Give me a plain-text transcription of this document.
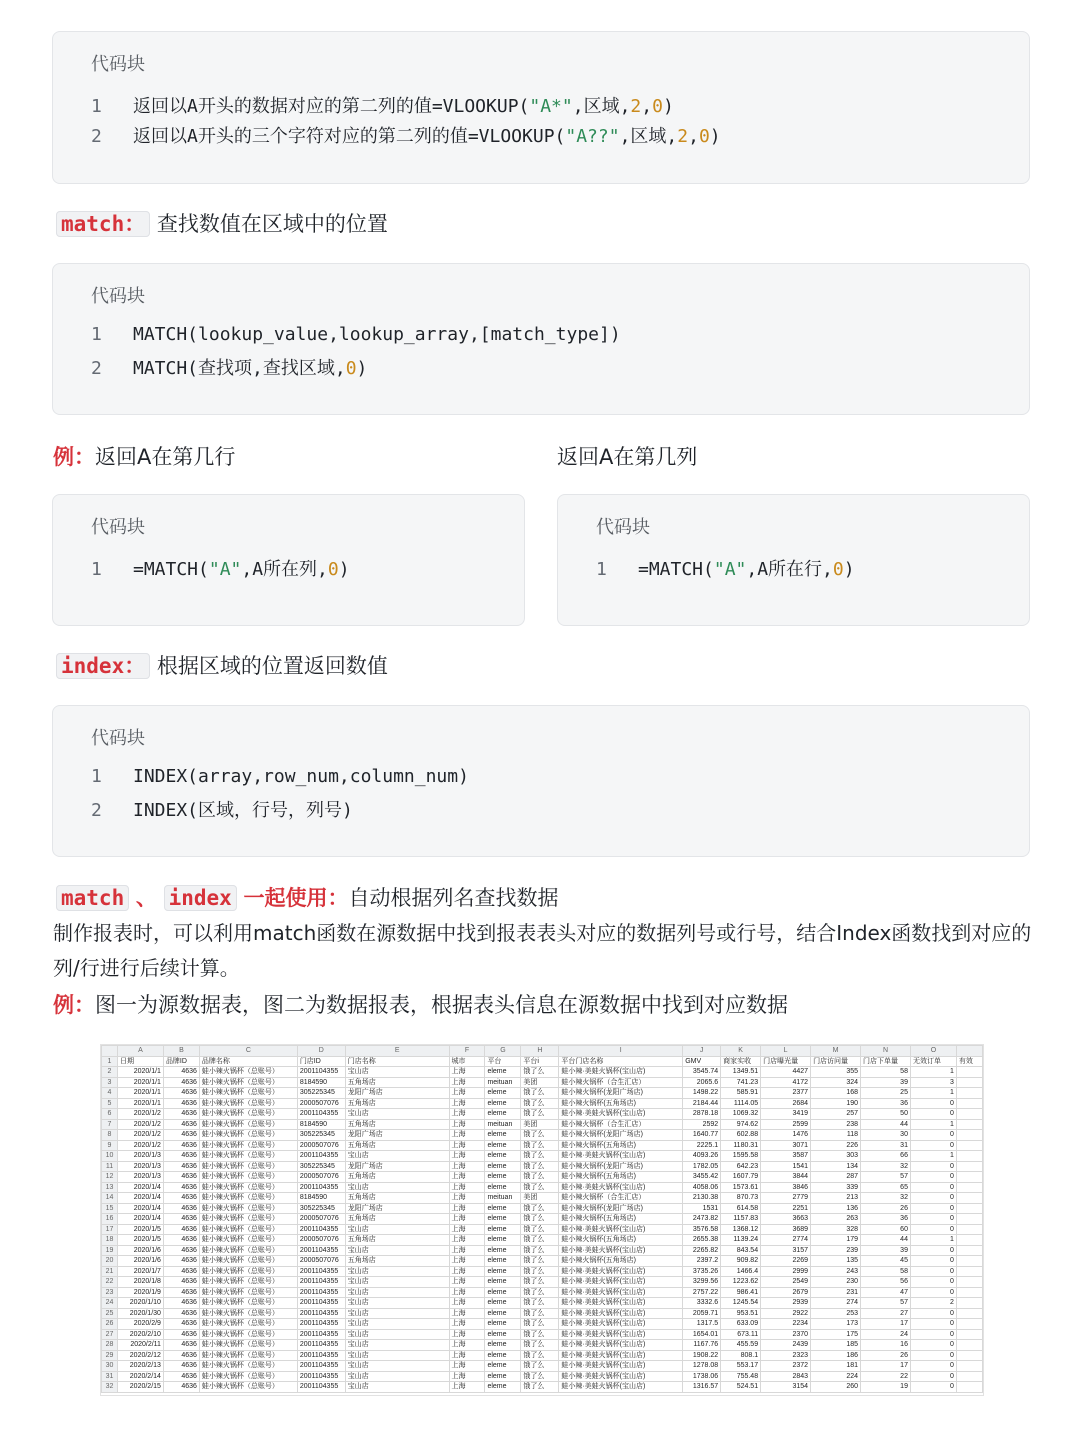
代码块
1 返回以A开头的数据对应的第二列的值=VLOOKUP("A*",区域,2,0)
2 返回以A开头的三个字符对应的第二列的值=VLOOKUP("A??",区域,2,0)
match： 查找数值在区域中的位置
代码块
1 MATCH(lookup_value,lookup_array,[match_type])
2 MATCH(查找项,查找区域,0)
例：返回A在第几行	返回A在第几列
代码块
1 =MATCH("A",A所在列,0)
代码块
1 =MATCH("A",A所在行,0)
index： 根据区域的位置返回数值
代码块
1 INDEX(array,row_num,column_num)
2 INDEX(区域，行号，列号)
match 、 index 一起使用：自动根据列名查找数据
制作报表时，可以利用match函数在源数据中找到报表表头对应的数据列号或行号，结合Index函数找到对应的列/行进行后续计算。
例：图一为源数据表，图二为数据报表，根据表头信息在源数据中找到对应数据
	A	B	C	D	E	F	G	H	I	J	K	L	M	N	O	
1	日期	品牌ID	品牌名称	门店ID	门店名称	城市	平台	平台i	平台门店名称	GMV	商家实收	门店曝光量	门店访问量	门店下单量	无效订单	有效
2	2020/1/1	4636	蛙小辣火锅杯（总账号）	2001104355	宝山店	上海	eleme	饿了么	蛙小辣·美蛙火锅杯(宝山店)	3545.74	1349.51	4427	355	58	1	
3	2020/1/1	4636	蛙小辣火锅杯（总账号）	8184590	五角场店	上海	meituan	美团	蛙小辣火锅杯（合生汇店）	2065.6	741.23	4172	324	39	3	
4	2020/1/1	4636	蛙小辣火锅杯（总账号）	305225345	龙阳广场店	上海	eleme	饿了么	蛙小辣火锅杯(龙阳广场店)	1498.22	585.91	2377	168	25	1	
5	2020/1/1	4636	蛙小辣火锅杯（总账号）	2000507076	五角场店	上海	eleme	饿了么	蛙小辣火锅杯(五角场店)	2184.44	1114.05	2684	190	36	0	
6	2020/1/2	4636	蛙小辣火锅杯（总账号）	2001104355	宝山店	上海	eleme	饿了么	蛙小辣·美蛙火锅杯(宝山店)	2878.18	1069.32	3419	257	50	0	
7	2020/1/2	4636	蛙小辣火锅杯（总账号）	8184590	五角场店	上海	meituan	美团	蛙小辣火锅杯（合生汇店）	2592	974.62	2599	238	44	1	
8	2020/1/2	4636	蛙小辣火锅杯（总账号）	305225345	龙阳广场店	上海	eleme	饿了么	蛙小辣火锅杯(龙阳广场店)	1640.77	602.88	1476	118	30	0	
9	2020/1/2	4636	蛙小辣火锅杯（总账号）	2000507076	五角场店	上海	eleme	饿了么	蛙小辣火锅杯(五角场店)	2225.1	1180.31	3071	226	31	0	
10	2020/1/3	4636	蛙小辣火锅杯（总账号）	2001104355	宝山店	上海	eleme	饿了么	蛙小辣·美蛙火锅杯(宝山店)	4093.26	1595.58	3587	303	66	1	
11	2020/1/3	4636	蛙小辣火锅杯（总账号）	305225345	龙阳广场店	上海	eleme	饿了么	蛙小辣火锅杯(龙阳广场店)	1782.05	642.23	1541	134	32	0	
12	2020/1/3	4636	蛙小辣火锅杯（总账号）	2000507076	五角场店	上海	eleme	饿了么	蛙小辣火锅杯(五角场店)	3455.42	1607.79	3844	287	57	0	
13	2020/1/4	4636	蛙小辣火锅杯（总账号）	2001104355	宝山店	上海	eleme	饿了么	蛙小辣·美蛙火锅杯(宝山店)	4058.06	1573.61	3846	339	65	0	
14	2020/1/4	4636	蛙小辣火锅杯（总账号）	8184590	五角场店	上海	meituan	美团	蛙小辣火锅杯（合生汇店）	2130.38	870.73	2779	213	32	0	
15	2020/1/4	4636	蛙小辣火锅杯（总账号）	305225345	龙阳广场店	上海	eleme	饿了么	蛙小辣火锅杯(龙阳广场店)	1531	614.58	2251	136	26	0	
16	2020/1/4	4636	蛙小辣火锅杯（总账号）	2000507076	五角场店	上海	eleme	饿了么	蛙小辣火锅杯(五角场店)	2473.82	1157.83	3663	263	36	0	
17	2020/1/5	4636	蛙小辣火锅杯（总账号）	2001104355	宝山店	上海	eleme	饿了么	蛙小辣·美蛙火锅杯(宝山店)	3576.58	1368.12	3689	328	60	0	
18	2020/1/5	4636	蛙小辣火锅杯（总账号）	2000507076	五角场店	上海	eleme	饿了么	蛙小辣火锅杯(五角场店)	2655.38	1139.24	2774	179	44	1	
19	2020/1/6	4636	蛙小辣火锅杯（总账号）	2001104355	宝山店	上海	eleme	饿了么	蛙小辣·美蛙火锅杯(宝山店)	2265.82	843.54	3157	239	39	0	
20	2020/1/6	4636	蛙小辣火锅杯（总账号）	2000507076	五角场店	上海	eleme	饿了么	蛙小辣火锅杯(五角场店)	2397.2	909.82	2269	135	45	0	
21	2020/1/7	4636	蛙小辣火锅杯（总账号）	2001104355	宝山店	上海	eleme	饿了么	蛙小辣·美蛙火锅杯(宝山店)	3735.26	1466.4	2999	243	58	0	
22	2020/1/8	4636	蛙小辣火锅杯（总账号）	2001104355	宝山店	上海	eleme	饿了么	蛙小辣·美蛙火锅杯(宝山店)	3299.56	1223.62	2549	230	56	0	
23	2020/1/9	4636	蛙小辣火锅杯（总账号）	2001104355	宝山店	上海	eleme	饿了么	蛙小辣·美蛙火锅杯(宝山店)	2757.22	986.41	2679	231	47	0	
24	2020/1/10	4636	蛙小辣火锅杯（总账号）	2001104355	宝山店	上海	eleme	饿了么	蛙小辣·美蛙火锅杯(宝山店)	3332.6	1245.54	2939	274	57	2	
25	2020/1/30	4636	蛙小辣火锅杯（总账号）	2001104355	宝山店	上海	eleme	饿了么	蛙小辣·美蛙火锅杯(宝山店)	2059.71	953.51	2922	253	27	0	
26	2020/2/9	4636	蛙小辣火锅杯（总账号）	2001104355	宝山店	上海	eleme	饿了么	蛙小辣·美蛙火锅杯(宝山店)	1317.5	633.09	2234	173	17	0	
27	2020/2/10	4636	蛙小辣火锅杯（总账号）	2001104355	宝山店	上海	eleme	饿了么	蛙小辣·美蛙火锅杯(宝山店)	1654.01	673.11	2370	175	24	0	
28	2020/2/11	4636	蛙小辣火锅杯（总账号）	2001104355	宝山店	上海	eleme	饿了么	蛙小辣·美蛙火锅杯(宝山店)	1167.76	455.59	2439	185	16	0	
29	2020/2/12	4636	蛙小辣火锅杯（总账号）	2001104355	宝山店	上海	eleme	饿了么	蛙小辣·美蛙火锅杯(宝山店)	1908.22	808.1	2323	186	26	0	
30	2020/2/13	4636	蛙小辣火锅杯（总账号）	2001104355	宝山店	上海	eleme	饿了么	蛙小辣·美蛙火锅杯(宝山店)	1278.08	553.17	2372	181	17	0	
31	2020/2/14	4636	蛙小辣火锅杯（总账号）	2001104355	宝山店	上海	eleme	饿了么	蛙小辣·美蛙火锅杯(宝山店)	1738.06	755.48	2843	224	22	0	
32	2020/2/15	4636	蛙小辣火锅杯（总账号）	2001104355	宝山店	上海	eleme	饿了么	蛙小辣·美蛙火锅杯(宝山店)	1316.57	524.51	3154	260	19	0	
